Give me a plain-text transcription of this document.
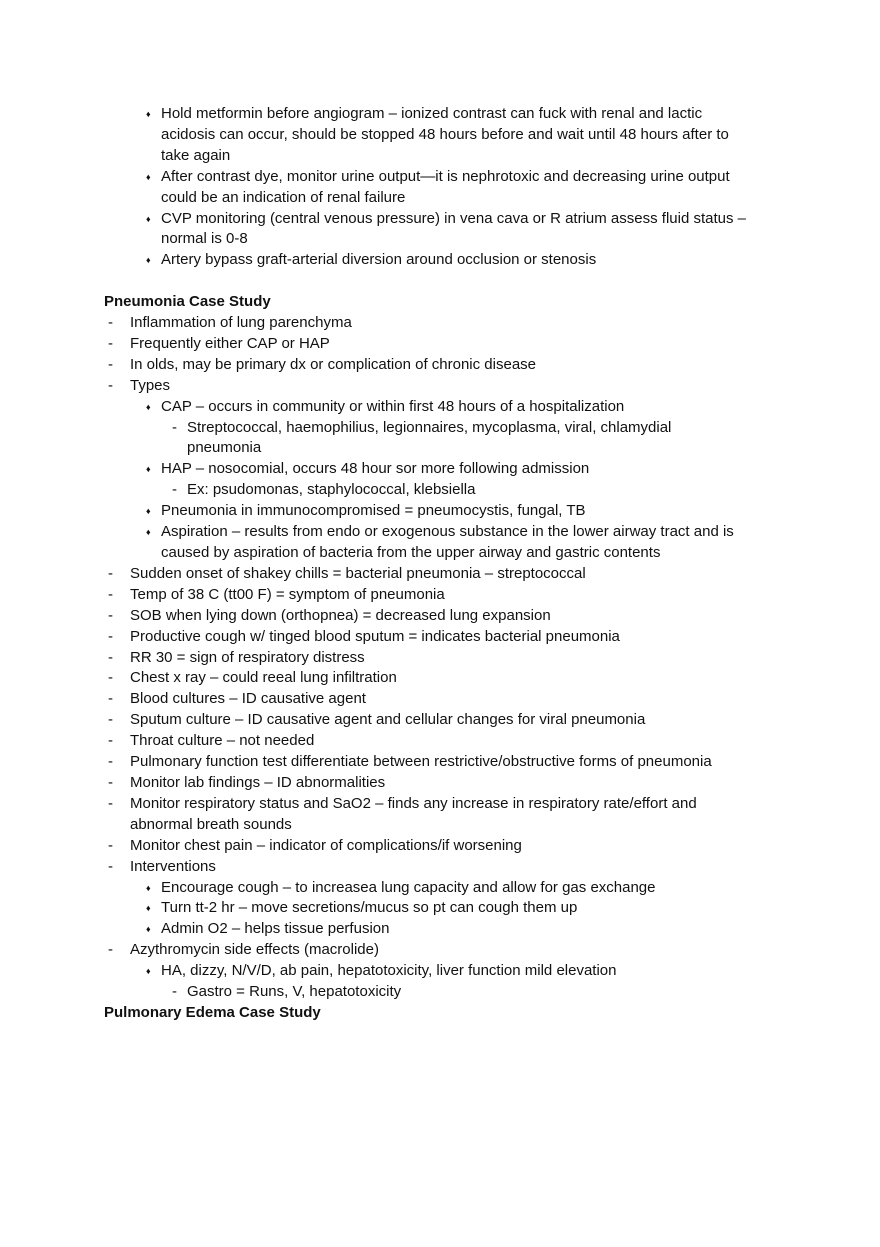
♦ Hold metformin before angiogram – ionized contrast can fuck with renal and lactic
acidosis can occur, should be stopped 48 hours before and wait until 48 hours after to
take again
♦ After contrast dye, monitor urine output—it is nephrotoxic and decreasing urine output
could be an indication of renal failure
♦ CVP monitoring (central venous pressure) in vena cava or R atrium assess fluid status –
normal is 0-8
♦ Artery bypass graft-arterial diversion around occlusion or stenosis
Pneumonia Case Study
-	Inflammation of lung parenchyma
-	Frequently either CAP or HAP
-	In olds, may be primary dx or complication of chronic disease
-	Types
♦ CAP – occurs in community or within first 48 hours of a hospitalization
- Streptococcal, haemophilius, legionnaires, mycoplasma, viral, chlamydial
pneumonia
♦ HAP – nosocomial, occurs 48 hour sor more following admission
- Ex: psudomonas, staphylococcal, klebsiella
♦ Pneumonia in immunocompromised = pneumocystis, fungal, TB
♦ Aspiration – results from endo or exogenous substance in the lower airway tract and is
caused by aspiration of bacteria from the upper airway and gastric contents
-	Sudden onset of shakey chills = bacterial pneumonia – streptococcal
-	Temp of 38 C (tt00 F) = symptom of pneumonia
-	SOB when lying down (orthopnea) = decreased lung expansion
-	Productive cough w/ tinged blood sputum = indicates bacterial pneumonia
-	RR 30 = sign of respiratory distress
-	Chest x ray – could reeal lung infiltration
-	Blood cultures – ID causative agent
-	Sputum culture – ID causative agent and cellular changes for viral pneumonia
-	Throat culture – not needed
-	Pulmonary function test differentiate between restrictive/obstructive forms of pneumonia
-	Monitor lab findings – ID abnormalities
-	Monitor respiratory status and SaO2 – finds any increase in respiratory rate/effort and
abnormal breath sounds
-	Monitor chest pain – indicator of complications/if worsening
-	Interventions
♦ Encourage cough – to increasea lung capacity and allow for gas exchange
♦ Turn tt-2 hr – move secretions/mucus so pt can cough them up
♦ Admin O2 – helps tissue perfusion
-	Azythromycin side effects (macrolide)
♦ HA, dizzy, N/V/D, ab pain, hepatotoxicity, liver function mild elevation
- Gastro = Runs, V, hepatotoxicity
Pulmonary Edema Case Study
